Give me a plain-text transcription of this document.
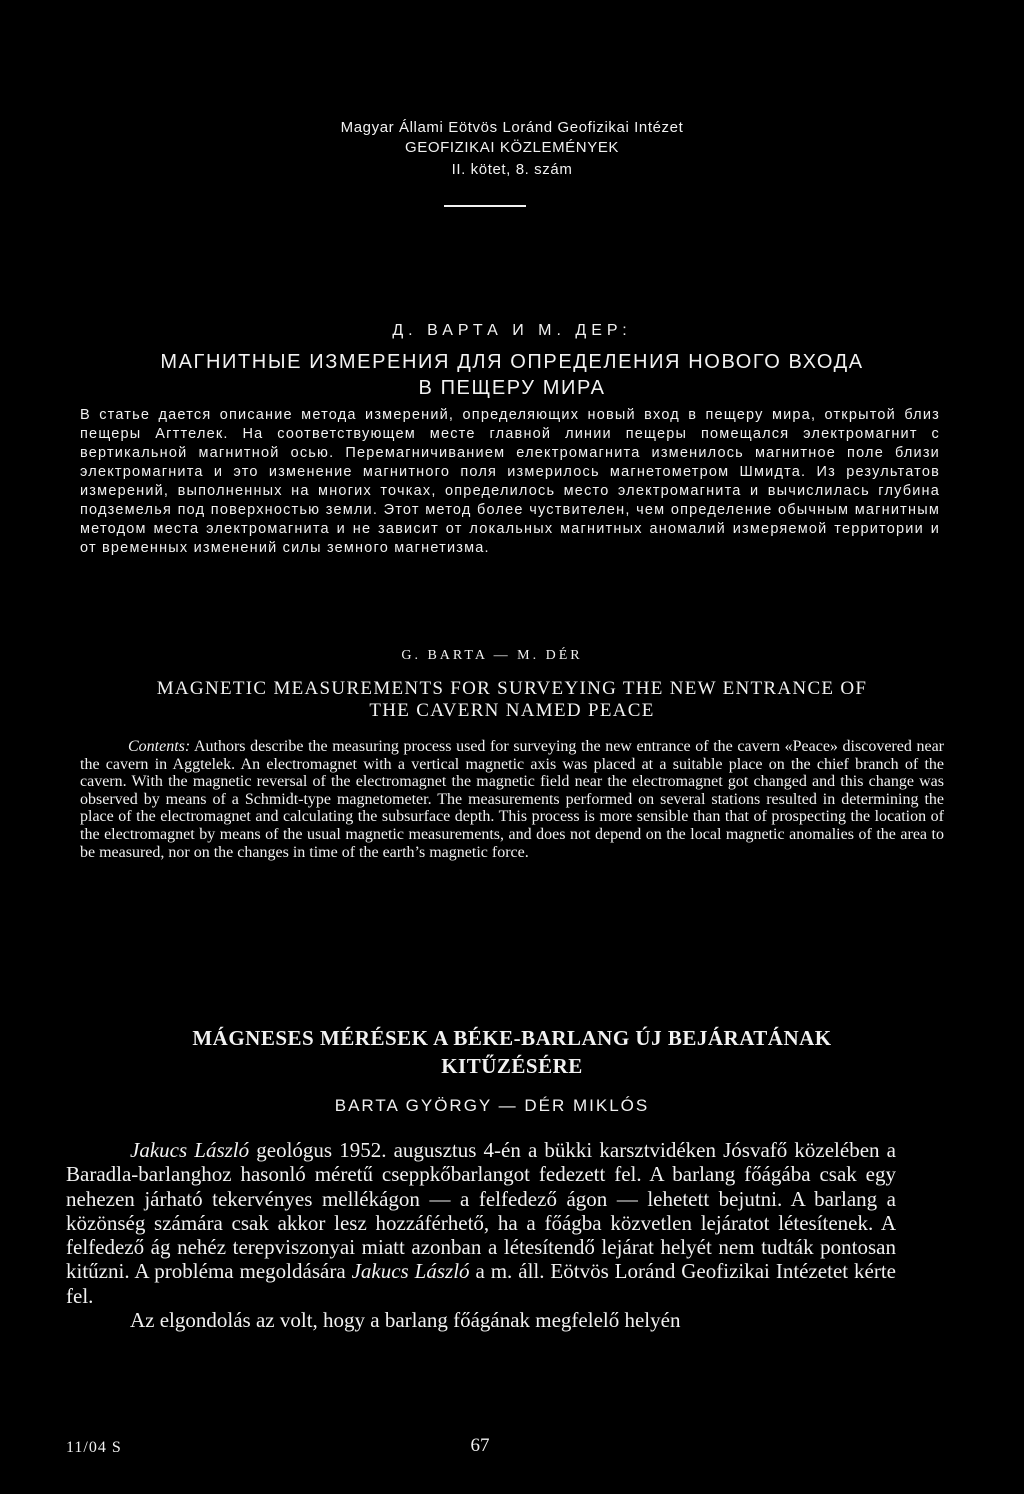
Magyar Állami Eötvös Loránd Geofizikai Intézet
GEOFIZIKAI KÖZLEMÉNYEK
II. kötet, 8. szám
Д. ВАРТА И М. ДЕР:
МАГНИТНЫЕ ИЗМЕРЕНИЯ ДЛЯ ОПРЕДЕЛЕНИЯ НОВОГО ВХОДА
В ПЕЩЕРУ МИРА
В статье дается описание метода измерений, определяющих новый вход в пещеру мира, открытой близ пещеры Агттелек. На соответствующем месте главной линии пещеры помещался электромагнит с вертикальной магнитной осью. Перемагничиванием електромагнита изменилось магнитное поле близи электромагнита и это изменение магнитного поля измерилось магнетометром Шмидта. Из результатов измерений, выполненных на многих точках, определилось место электромагнита и вычислилась глубина подземелья под поверхностью земли. Этот метод более чуствителен, чем определение обычным магнитным методом места электромагнита и не зависит от локальных магнитных аномалий измеряемой территории и от временных изменений силы земного магнетизма.
G. BARTA — M. DÉR
MAGNETIC MEASUREMENTS FOR SURVEYING THE NEW ENTRANCE OF
THE CAVERN NAMED PEACE
Contents: Authors describe the measuring process used for surveying the new entrance of the cavern «Peace» discovered near the cavern in Aggtelek. An electromagnet with a vertical magnetic axis was placed at a suitable place on the chief branch of the cavern. With the magnetic reversal of the electromagnet the magnetic field near the electromagnet got changed and this change was observed by means of a Schmidt-type magnetometer. The measurements performed on several stations resulted in determining the place of the electromagnet and calculating the subsurface depth. This process is more sensible than that of prospecting the location of the electromagnet by means of the usual magnetic measurements, and does not depend on the local magnetic anomalies of the area to be measured, nor on the changes in time of the earth’s magnetic force.
MÁGNESES MÉRÉSEK A BÉKE-BARLANG ÚJ BEJÁRATÁNAK
KITŰZÉSÉRE
BARTA GYÖRGY — DÉR MIKLÓS

Jakucs László geológus 1952. augusztus 4-én a bükki karsztvidéken Jósvafő közelében a Baradla-barlanghoz hasonló méretű cseppkőbarlangot fedezett fel. A barlang főágába csak egy nehezen járható tekervényes mellékágon — a felfedező ágon — lehetett bejutni. A barlang a közönség számára csak akkor lesz hozzáférhető, ha a főágba közvetlen lejáratot létesítenek. A felfedező ág nehéz terepviszonyai miatt azonban a létesítendő lejárat helyét nem tudták pontosan kitűzni. A probléma megoldására Jakucs László a m. áll. Eötvös Loránd Geofizikai Intézetet kérte fel.

Az elgondolás az volt, hogy a barlang főágának megfelelő helyén

11/04 S	67
